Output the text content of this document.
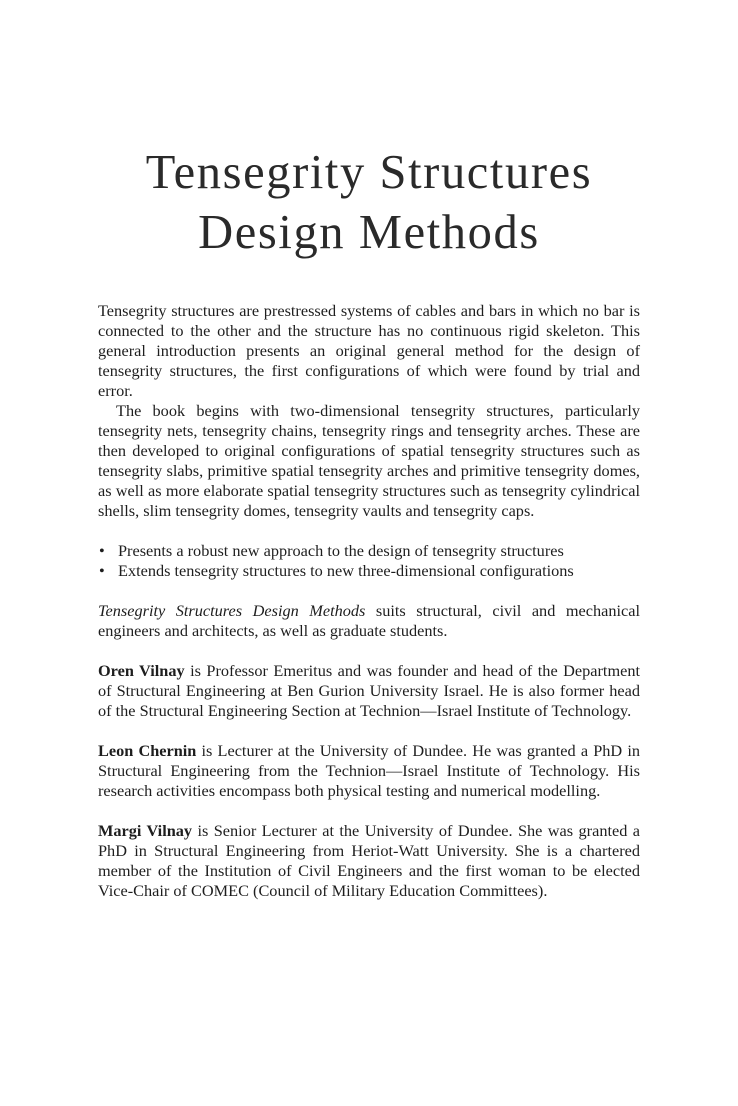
Tensegrity Structures
Design Methods

Tensegrity structures are prestressed systems of cables and bars in which no bar is connected to the other and the structure has no continuous rigid skeleton. This general introduction presents an original general method for the design of tensegrity structures, the first configurations of which were found by trial and error.

The book begins with two-dimensional tensegrity structures, particularly tensegrity nets, tensegrity chains, tensegrity rings and tensegrity arches. These are then developed to original configurations of spatial tensegrity structures such as tensegrity slabs, primitive spatial tensegrity arches and primitive tensegrity domes, as well as more elaborate spatial tensegrity structures such as tensegrity cylindrical shells, slim tensegrity domes, tensegrity vaults and tensegrity caps.

• Presents a robust new approach to the design of tensegrity structures
• Extends tensegrity structures to new three-dimensional configurations

Tensegrity Structures Design Methods suits structural, civil and mechanical engineers and architects, as well as graduate students.

Oren Vilnay is Professor Emeritus and was founder and head of the Department of Structural Engineering at Ben Gurion University Israel. He is also former head of the Structural Engineering Section at Technion—Israel Institute of Technology.

Leon Chernin is Lecturer at the University of Dundee. He was granted a PhD in Structural Engineering from the Technion—Israel Institute of Technology. His research activities encompass both physical testing and numerical modelling.

Margi Vilnay is Senior Lecturer at the University of Dundee. She was granted a PhD in Structural Engineering from Heriot-Watt University. She is a chartered member of the Institution of Civil Engineers and the first woman to be elected Vice-Chair of COMEC (Council of Military Education Committees).
